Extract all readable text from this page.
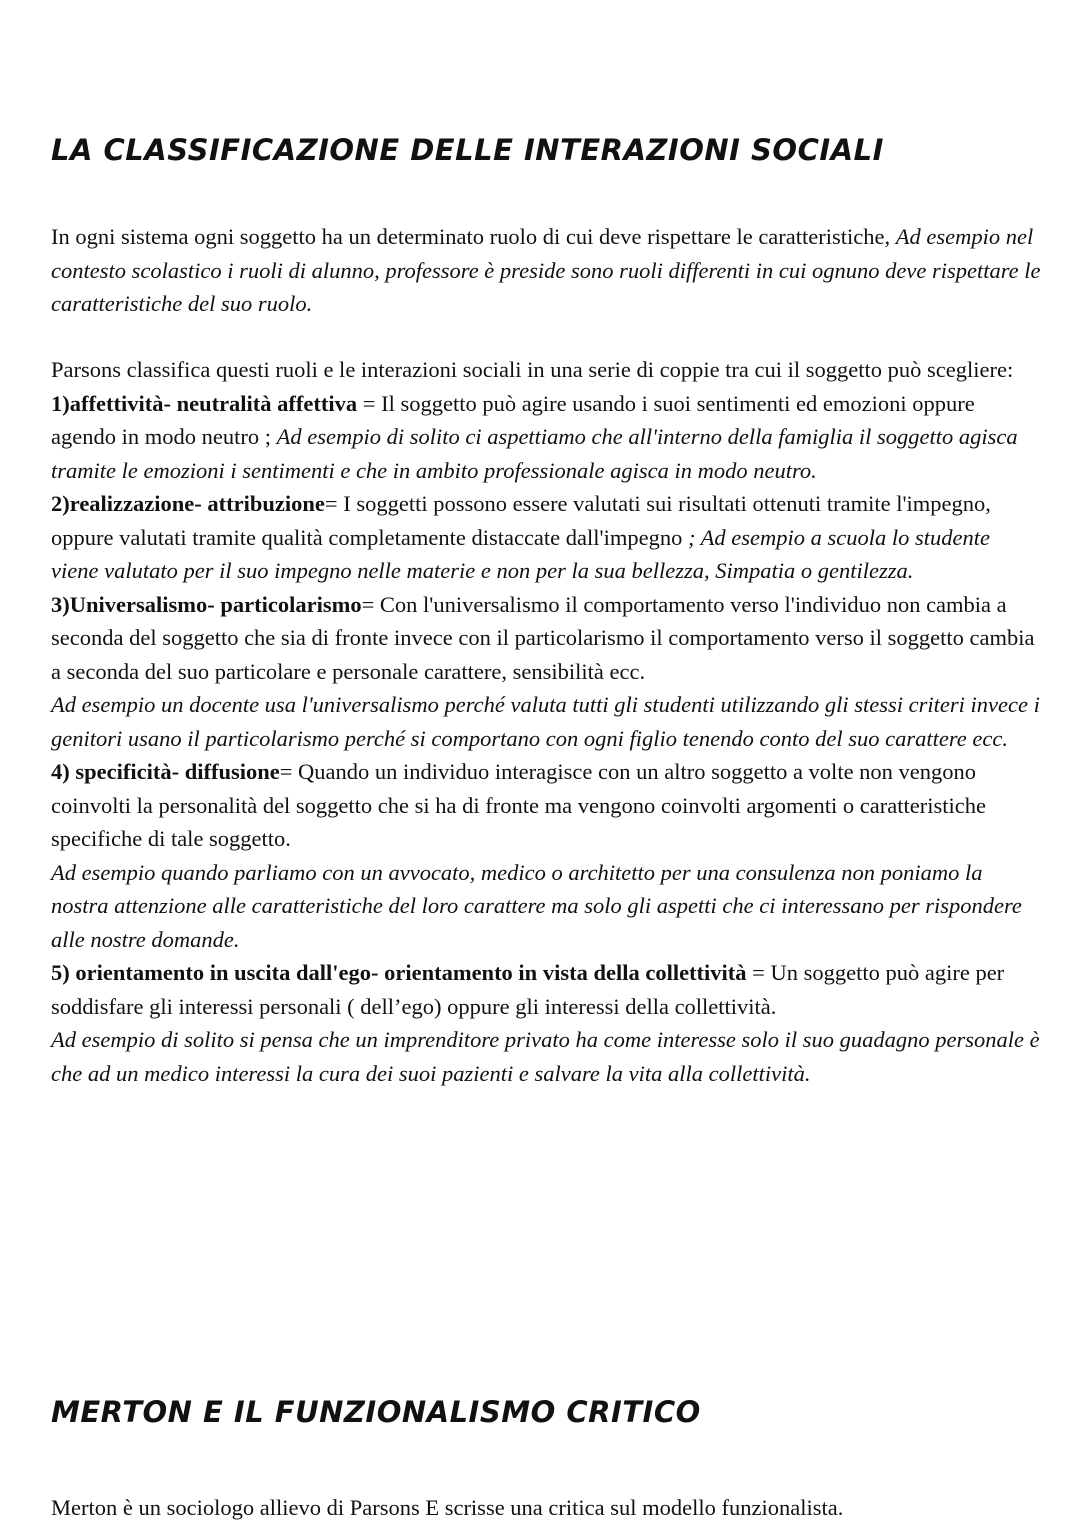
LA CLASSIFICAZIONE DELLE INTERAZIONI SOCIALI

In ogni sistema ogni soggetto ha un determinato ruolo di cui deve rispettare le caratteristiche, Ad esempio nel contesto scolastico i ruoli di alunno, professore è preside sono ruoli differenti in cui ognuno deve rispettare le caratteristiche del suo ruolo.

Parsons classifica questi ruoli e le interazioni sociali in una serie di coppie tra cui il soggetto può scegliere:

1)affettività- neutralità affettiva = Il soggetto può agire usando i suoi sentimenti ed emozioni oppure agendo in modo neutro ; Ad esempio di solito ci aspettiamo che all'interno della famiglia il soggetto agisca tramite le emozioni i sentimenti e che in ambito professionale agisca in modo neutro.

2)realizzazione- attribuzione= I soggetti possono essere valutati sui risultati ottenuti tramite l'impegno, oppure valutati tramite qualità completamente distaccate dall'impegno ; Ad esempio a scuola lo studente viene valutato per il suo impegno nelle materie e non per la sua bellezza, Simpatia o gentilezza.

3)Universalismo- particolarismo= Con l'universalismo il comportamento verso l'individuo non cambia a seconda del soggetto che sia di fronte invece con il particolarismo il comportamento verso il soggetto cambia a seconda del suo particolare e personale carattere, sensibilità ecc.
Ad esempio un docente usa l'universalismo perché valuta tutti gli studenti utilizzando gli stessi criteri invece i genitori usano il particolarismo perché si comportano con ogni figlio tenendo conto del suo carattere ecc.

4) specificità- diffusione= Quando un individuo interagisce con un altro soggetto a volte non vengono coinvolti la personalità del soggetto che si ha di fronte ma vengono coinvolti argomenti o caratteristiche specifiche di tale soggetto.
Ad esempio quando parliamo con un avvocato, medico o architetto per una consulenza non poniamo la nostra attenzione alle caratteristiche del loro carattere ma solo gli aspetti che ci interessano per rispondere alle nostre domande.

5) orientamento in uscita dall'ego- orientamento in vista della collettività = Un soggetto può agire per soddisfare gli interessi personali ( dell’ego) oppure gli interessi della collettività.
Ad esempio di solito si pensa che un imprenditore privato ha come interesse solo il suo guadagno personale è che ad un medico interessi la cura dei suoi pazienti e salvare la vita alla collettività.

MERTON E IL FUNZIONALISMO CRITICO

Merton è un sociologo allievo di Parsons E scrisse una critica sul modello funzionalista.
